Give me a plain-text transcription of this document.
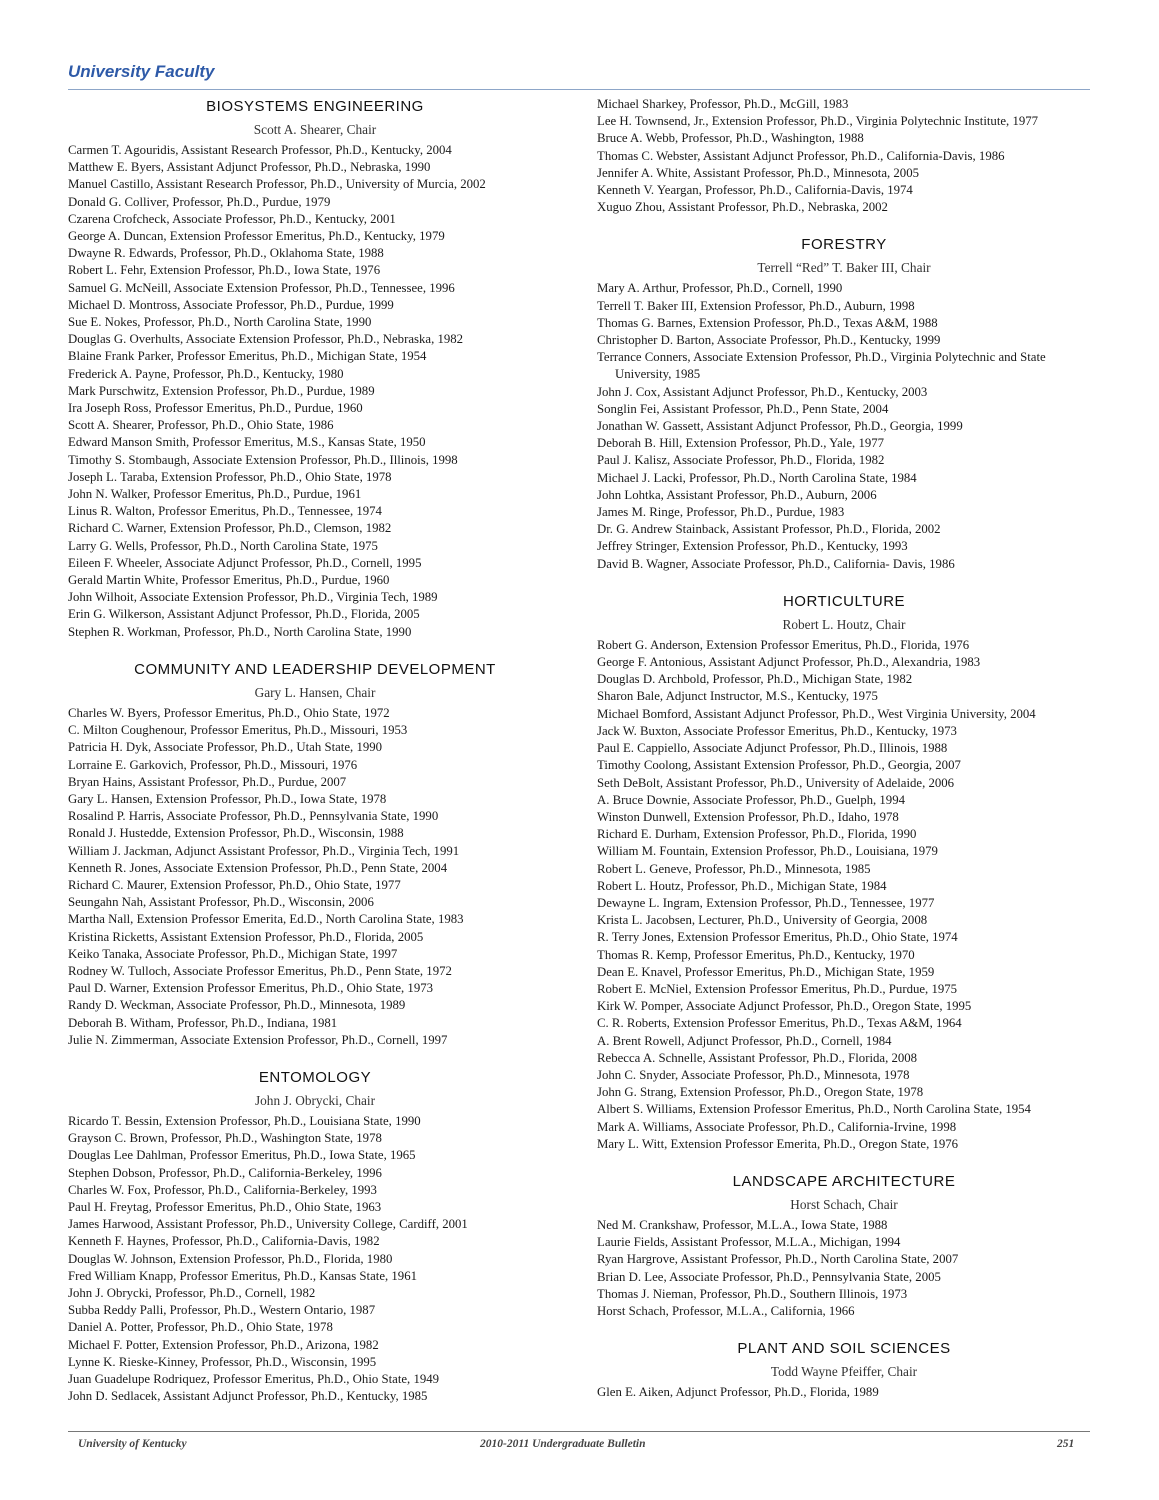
University Faculty
BIOSYSTEMS ENGINEERING
Scott A. Shearer, Chair
Carmen T. Agouridis, Assistant Research Professor, Ph.D., Kentucky, 2004
Matthew E. Byers, Assistant Adjunct Professor, Ph.D., Nebraska, 1990
Manuel Castillo, Assistant Research Professor, Ph.D., University of Murcia, 2002
Donald G. Colliver, Professor, Ph.D., Purdue, 1979
Czarena Crofcheck, Associate Professor, Ph.D., Kentucky, 2001
George A. Duncan, Extension Professor Emeritus, Ph.D., Kentucky, 1979
Dwayne R. Edwards, Professor, Ph.D., Oklahoma State, 1988
Robert L. Fehr, Extension Professor, Ph.D., Iowa State, 1976
Samuel G. McNeill, Associate Extension Professor, Ph.D., Tennessee, 1996
Michael D. Montross, Associate Professor, Ph.D., Purdue, 1999
Sue E. Nokes, Professor, Ph.D., North Carolina State, 1990
Douglas G. Overhults, Associate Extension Professor, Ph.D., Nebraska, 1982
Blaine Frank Parker, Professor Emeritus, Ph.D., Michigan State, 1954
Frederick A. Payne, Professor, Ph.D., Kentucky, 1980
Mark Purschwitz, Extension Professor, Ph.D., Purdue, 1989
Ira Joseph Ross, Professor Emeritus, Ph.D., Purdue, 1960
Scott A. Shearer, Professor, Ph.D., Ohio State, 1986
Edward Manson Smith, Professor Emeritus, M.S., Kansas State, 1950
Timothy S. Stombaugh, Associate Extension Professor, Ph.D., Illinois, 1998
Joseph L. Taraba, Extension Professor, Ph.D., Ohio State, 1978
John N. Walker, Professor Emeritus, Ph.D., Purdue, 1961
Linus R. Walton, Professor Emeritus, Ph.D., Tennessee, 1974
Richard C. Warner, Extension Professor, Ph.D., Clemson, 1982
Larry G. Wells, Professor, Ph.D., North Carolina State, 1975
Eileen F. Wheeler, Associate Adjunct Professor, Ph.D., Cornell, 1995
Gerald Martin White, Professor Emeritus, Ph.D., Purdue, 1960
John Wilhoit, Associate Extension Professor, Ph.D., Virginia Tech, 1989
Erin G. Wilkerson, Assistant Adjunct Professor, Ph.D., Florida, 2005
Stephen R. Workman, Professor, Ph.D., North Carolina State, 1990
COMMUNITY AND LEADERSHIP DEVELOPMENT
Gary L. Hansen, Chair
Charles W. Byers, Professor Emeritus, Ph.D., Ohio State, 1972
C. Milton Coughenour, Professor Emeritus, Ph.D., Missouri, 1953
Patricia H. Dyk, Associate Professor, Ph.D., Utah State, 1990
Lorraine E. Garkovich, Professor, Ph.D., Missouri, 1976
Bryan Hains, Assistant Professor, Ph.D., Purdue, 2007
Gary L. Hansen, Extension Professor, Ph.D., Iowa State, 1978
Rosalind P. Harris, Associate Professor, Ph.D., Pennsylvania State, 1990
Ronald J. Hustedde, Extension Professor, Ph.D., Wisconsin, 1988
William J. Jackman, Adjunct Assistant Professor, Ph.D., Virginia Tech, 1991
Kenneth R. Jones, Associate Extension Professor, Ph.D., Penn State, 2004
Richard C. Maurer, Extension Professor, Ph.D., Ohio State, 1977
Seungahn Nah, Assistant Professor, Ph.D., Wisconsin, 2006
Martha Nall, Extension Professor Emerita, Ed.D., North Carolina State, 1983
Kristina Ricketts, Assistant Extension Professor, Ph.D., Florida, 2005
Keiko Tanaka, Associate Professor, Ph.D., Michigan State, 1997
Rodney W. Tulloch, Associate Professor Emeritus, Ph.D., Penn State, 1972
Paul D. Warner, Extension Professor Emeritus, Ph.D., Ohio State, 1973
Randy D. Weckman, Associate Professor, Ph.D., Minnesota, 1989
Deborah B. Witham, Professor, Ph.D., Indiana, 1981
Julie N. Zimmerman, Associate Extension Professor, Ph.D., Cornell, 1997
ENTOMOLOGY
John J. Obrycki, Chair
Ricardo T. Bessin, Extension Professor, Ph.D., Louisiana State, 1990
Grayson C. Brown, Professor, Ph.D., Washington State, 1978
Douglas Lee Dahlman, Professor Emeritus, Ph.D., Iowa State, 1965
Stephen Dobson, Professor, Ph.D., California-Berkeley, 1996
Charles W. Fox, Professor, Ph.D., California-Berkeley, 1993
Paul H. Freytag, Professor Emeritus, Ph.D., Ohio State, 1963
James Harwood, Assistant Professor, Ph.D., University College, Cardiff, 2001
Kenneth F. Haynes, Professor, Ph.D., California-Davis, 1982
Douglas W. Johnson, Extension Professor, Ph.D., Florida, 1980
Fred William Knapp, Professor Emeritus, Ph.D., Kansas State, 1961
John J. Obrycki, Professor, Ph.D., Cornell, 1982
Subba Reddy Palli, Professor, Ph.D., Western Ontario, 1987
Daniel A. Potter, Professor, Ph.D., Ohio State, 1978
Michael F. Potter, Extension Professor, Ph.D., Arizona, 1982
Lynne K. Rieske-Kinney, Professor, Ph.D., Wisconsin, 1995
Juan Guadelupe Rodriquez, Professor Emeritus, Ph.D., Ohio State, 1949
John D. Sedlacek, Assistant Adjunct Professor, Ph.D., Kentucky, 1985
Michael Sharkey, Professor, Ph.D., McGill, 1983
Lee H. Townsend, Jr., Extension Professor, Ph.D., Virginia Polytechnic Institute, 1977
Bruce A. Webb, Professor, Ph.D., Washington, 1988
Thomas C. Webster, Assistant Adjunct Professor, Ph.D., California-Davis, 1986
Jennifer A. White, Assistant Professor, Ph.D., Minnesota, 2005
Kenneth V. Yeargan, Professor, Ph.D., California-Davis, 1974
Xuguo Zhou, Assistant Professor, Ph.D., Nebraska, 2002
FORESTRY
Terrell “Red” T. Baker III, Chair
Mary A. Arthur, Professor, Ph.D., Cornell, 1990
Terrell T. Baker III, Extension Professor, Ph.D., Auburn, 1998
Thomas G. Barnes, Extension Professor, Ph.D., Texas A&M, 1988
Christopher D. Barton, Associate Professor, Ph.D., Kentucky, 1999
Terrance Conners, Associate Extension Professor, Ph.D., Virginia Polytechnic and State University, 1985
John J. Cox, Assistant Adjunct Professor, Ph.D., Kentucky, 2003
Songlin Fei, Assistant Professor, Ph.D., Penn State, 2004
Jonathan W. Gassett, Assistant Adjunct Professor, Ph.D., Georgia, 1999
Deborah B. Hill, Extension Professor, Ph.D., Yale, 1977
Paul J. Kalisz, Associate Professor, Ph.D., Florida, 1982
Michael J. Lacki, Professor, Ph.D., North Carolina State, 1984
John Lohtka, Assistant Professor, Ph.D., Auburn, 2006
James M. Ringe, Professor, Ph.D., Purdue, 1983
Dr. G. Andrew Stainback, Assistant Professor, Ph.D., Florida, 2002
Jeffrey Stringer, Extension Professor, Ph.D., Kentucky, 1993
David B. Wagner, Associate Professor, Ph.D., California- Davis, 1986
HORTICULTURE
Robert L. Houtz, Chair
Robert G. Anderson, Extension Professor Emeritus, Ph.D., Florida, 1976
George F. Antonious, Assistant Adjunct Professor, Ph.D., Alexandria, 1983
Douglas D. Archbold, Professor, Ph.D., Michigan State, 1982
Sharon Bale, Adjunct Instructor, M.S., Kentucky, 1975
Michael Bomford, Assistant Adjunct Professor, Ph.D., West Virginia University, 2004
Jack W. Buxton, Associate Professor Emeritus, Ph.D., Kentucky, 1973
Paul E. Cappiello, Associate Adjunct Professor, Ph.D., Illinois, 1988
Timothy Coolong, Assistant Extension Professor, Ph.D., Georgia, 2007
Seth DeBolt, Assistant Professor, Ph.D., University of Adelaide, 2006
A. Bruce Downie, Associate Professor, Ph.D., Guelph, 1994
Winston Dunwell, Extension Professor, Ph.D., Idaho, 1978
Richard E. Durham, Extension Professor, Ph.D., Florida, 1990
William M. Fountain, Extension Professor, Ph.D., Louisiana, 1979
Robert L. Geneve, Professor, Ph.D., Minnesota, 1985
Robert L. Houtz, Professor, Ph.D., Michigan State, 1984
Dewayne L. Ingram, Extension Professor, Ph.D., Tennessee, 1977
Krista L. Jacobsen, Lecturer, Ph.D., University of Georgia, 2008
R. Terry Jones, Extension Professor Emeritus, Ph.D., Ohio State, 1974
Thomas R. Kemp, Professor Emeritus, Ph.D., Kentucky, 1970
Dean E. Knavel, Professor Emeritus, Ph.D., Michigan State, 1959
Robert E. McNiel, Extension Professor Emeritus, Ph.D., Purdue, 1975
Kirk W. Pomper, Associate Adjunct Professor, Ph.D., Oregon State, 1995
C. R. Roberts, Extension Professor Emeritus, Ph.D., Texas A&M, 1964
A. Brent Rowell, Adjunct Professor, Ph.D., Cornell, 1984
Rebecca A. Schnelle, Assistant Professor, Ph.D., Florida, 2008
John C. Snyder, Associate Professor, Ph.D., Minnesota, 1978
John G. Strang, Extension Professor, Ph.D., Oregon State, 1978
Albert S. Williams, Extension Professor Emeritus, Ph.D., North Carolina State, 1954
Mark A. Williams, Associate Professor, Ph.D., California-Irvine, 1998
Mary L. Witt, Extension Professor Emerita, Ph.D., Oregon State, 1976
LANDSCAPE ARCHITECTURE
Horst Schach, Chair
Ned M. Crankshaw, Professor, M.L.A., Iowa State, 1988
Laurie Fields, Assistant Professor, M.L.A., Michigan, 1994
Ryan Hargrove, Assistant Professor, Ph.D., North Carolina State, 2007
Brian D. Lee, Associate Professor, Ph.D., Pennsylvania State, 2005
Thomas J. Nieman, Professor, Ph.D., Southern Illinois, 1973
Horst Schach, Professor, M.L.A., California, 1966
PLANT AND SOIL SCIENCES
Todd Wayne Pfeiffer, Chair
Glen E. Aiken, Adjunct Professor, Ph.D., Florida, 1989
University of Kentucky	2010-2011 Undergraduate Bulletin	251
